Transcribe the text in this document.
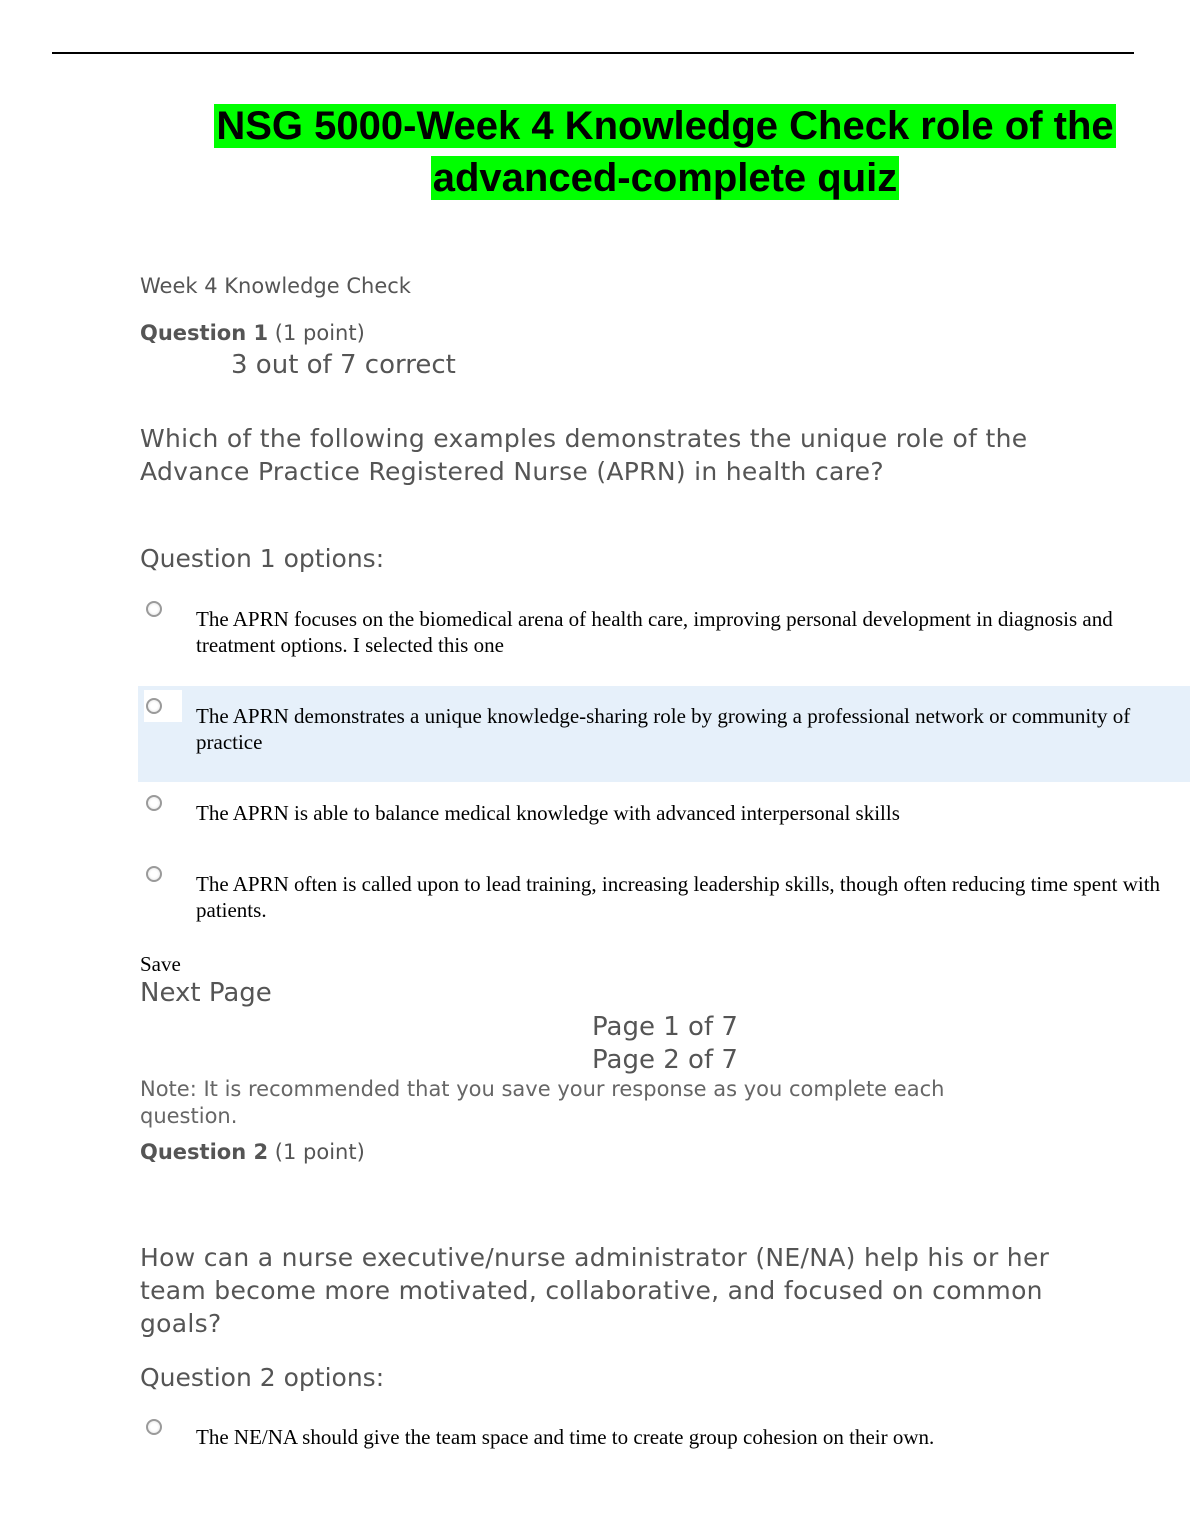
NSG 5000-Week 4 Knowledge Check role of the
advanced-complete quiz
Week 4 Knowledge Check
Question 1 (1 point)
3 out of 7 correct
Which of the following examples demonstrates the unique role of the Advance Practice Registered Nurse (APRN) in health care?
Question 1 options:
The APRN focuses on the biomedical arena of health care, improving personal development in diagnosis and treatment options. I selected this one
The APRN demonstrates a unique knowledge-sharing role by growing a professional network or community of practice
The APRN is able to balance medical knowledge with advanced interpersonal skills
The APRN often is called upon to lead training, increasing leadership skills, though often reducing time spent with patients.
Save
Next Page
Page 1 of 7
Page 2 of 7
Note: It is recommended that you save your response as you complete each question.
Question 2 (1 point)
How can a nurse executive/nurse administrator (NE/NA) help his or her team become more motivated, collaborative, and focused on common goals?
Question 2 options:
The NE/NA should give the team space and time to create group cohesion on their own.
